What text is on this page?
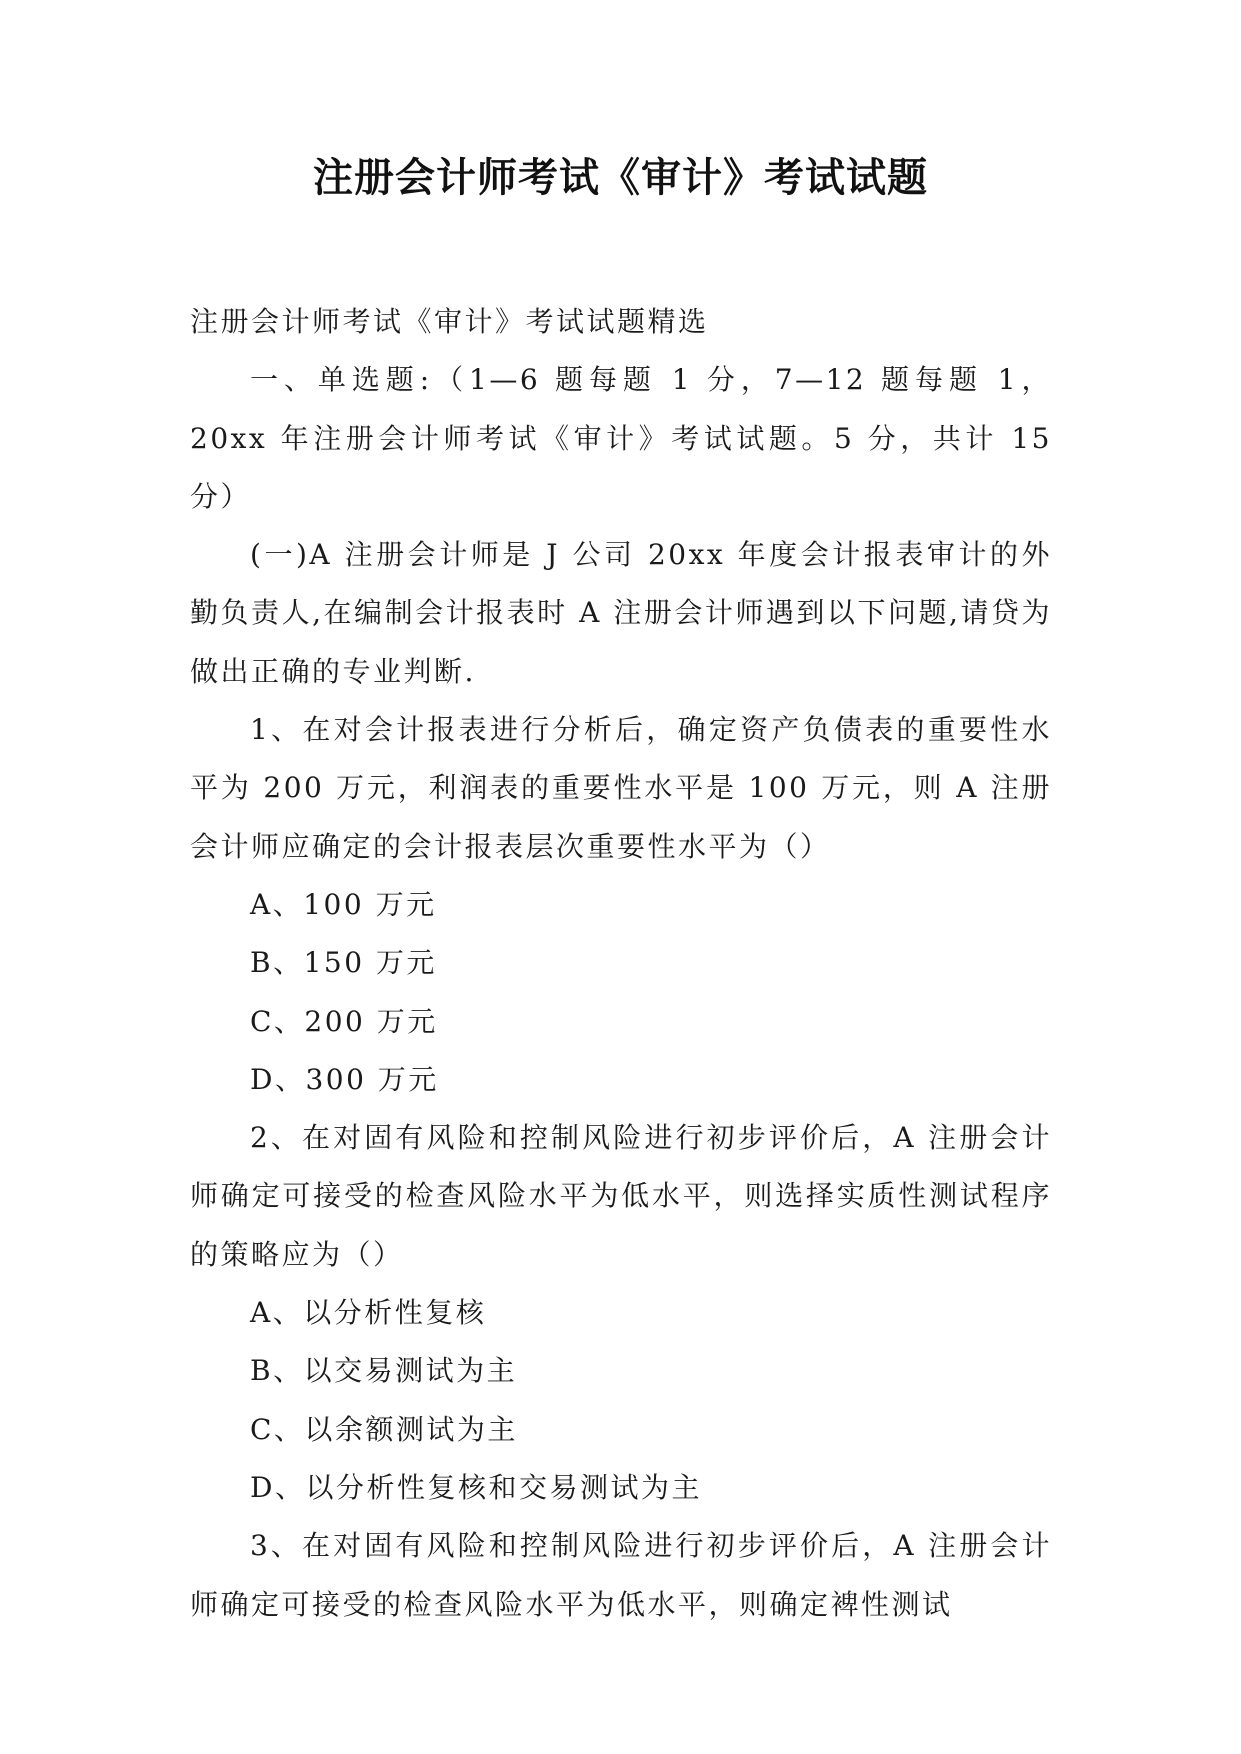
注册会计师考试《审计》考试试题

注册会计师考试《审计》考试试题精选

一、单选题:（1—6 题每题 1 分，7—12 题每题 1，20xx 年注册会计师考试《审计》考试试题。5 分，共计 15 分）

(一)A 注册会计师是 J 公司 20xx 年度会计报表审计的外勤负责人,在编制会计报表时 A 注册会计师遇到以下问题,请贷为做出正确的专业判断.

1、在对会计报表进行分析后，确定资产负债表的重要性水平为 200 万元，利润表的重要性水平是 100 万元，则 A 注册会计师应确定的会计报表层次重要性水平为（）

A、100 万元

B、150 万元

C、200 万元

D、300 万元

2、在对固有风险和控制风险进行初步评价后，A 注册会计师确定可接受的检查风险水平为低水平，则选择实质性测试程序的策略应为（）

A、以分析性复核

B、以交易测试为主

C、以余额测试为主

D、以分析性复核和交易测试为主

3、在对固有风险和控制风险进行初步评价后，A 注册会计师确定可接受的检查风险水平为低水平，则确定裨性测试
